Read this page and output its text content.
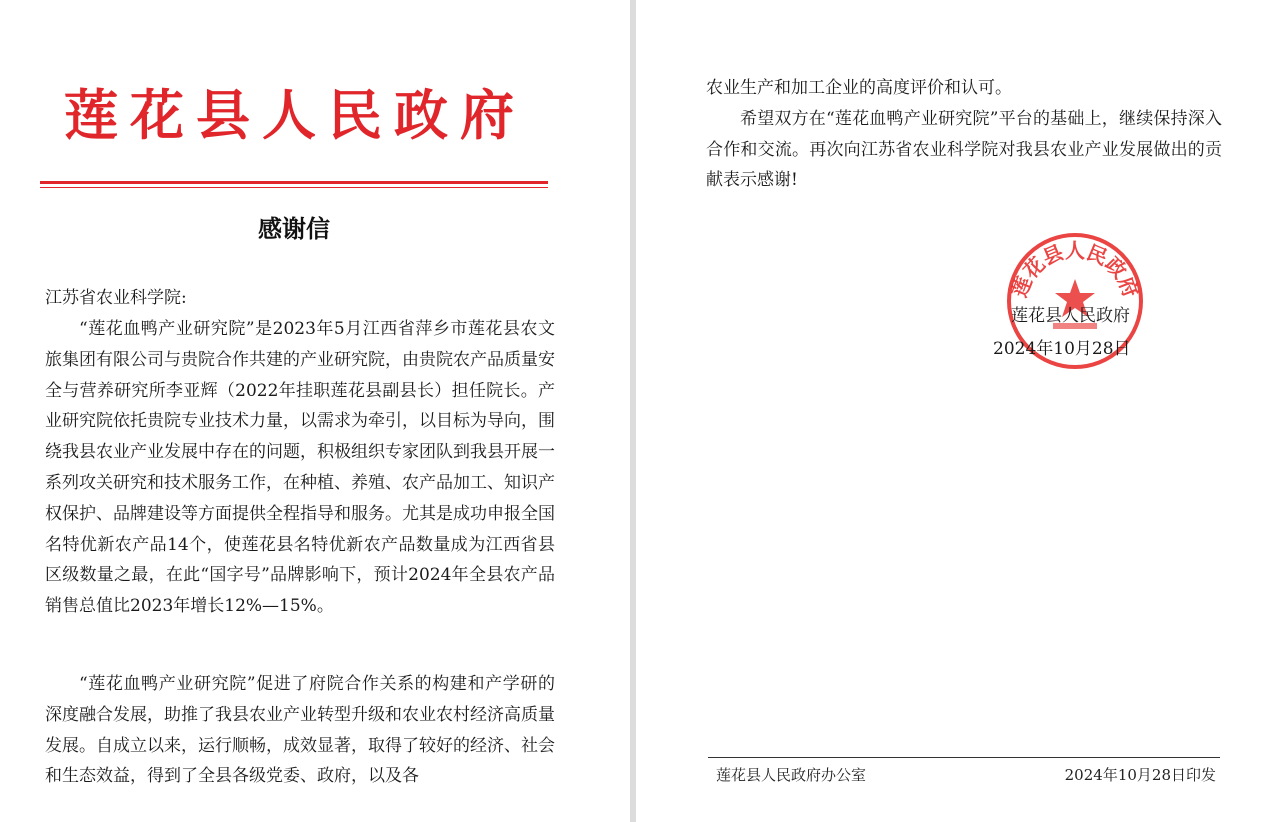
莲花县人民政府
感谢信

江苏省农业科学院:

“莲花血鸭产业研究院”是2023年5月江西省萍乡市莲花县农文旅集团有限公司与贵院合作共建的产业研究院，由贵院农产品质量安全与营养研究所李亚辉（2022年挂职莲花县副县长）担任院长。产业研究院依托贵院专业技术力量，以需求为牵引，以目标为导向，围绕我县农业产业发展中存在的问题，积极组织专家团队到我县开展一系列攻关研究和技术服务工作，在种植、养殖、农产品加工、知识产权保护、品牌建设等方面提供全程指导和服务。尤其是成功申报全国名特优新农产品14个，使莲花县名特优新农产品数量成为江西省县区级数量之最，在此“国字号”品牌影响下，预计2024年全县农产品销售总值比2023年增长12%—15%。

“莲花血鸭产业研究院”促进了府院合作关系的构建和产学研的深度融合发展，助推了我县农业产业转型升级和农业农村经济高质量发展。自成立以来，运行顺畅，成效显著，取得了较好的经济、社会和生态效益，得到了全县各级党委、政府，以及各

农业生产和加工企业的高度评价和认可。
希望双方在“莲花血鸭产业研究院”平台的基础上，继续保持深入合作和交流。再次向江苏省农业科学院对我县农业产业发展做出的贡献表示感谢!

莲花县人民政府
莲花县人民政府
2024年10月28日
莲花县人民政府办公室	2024年10月28日印发
